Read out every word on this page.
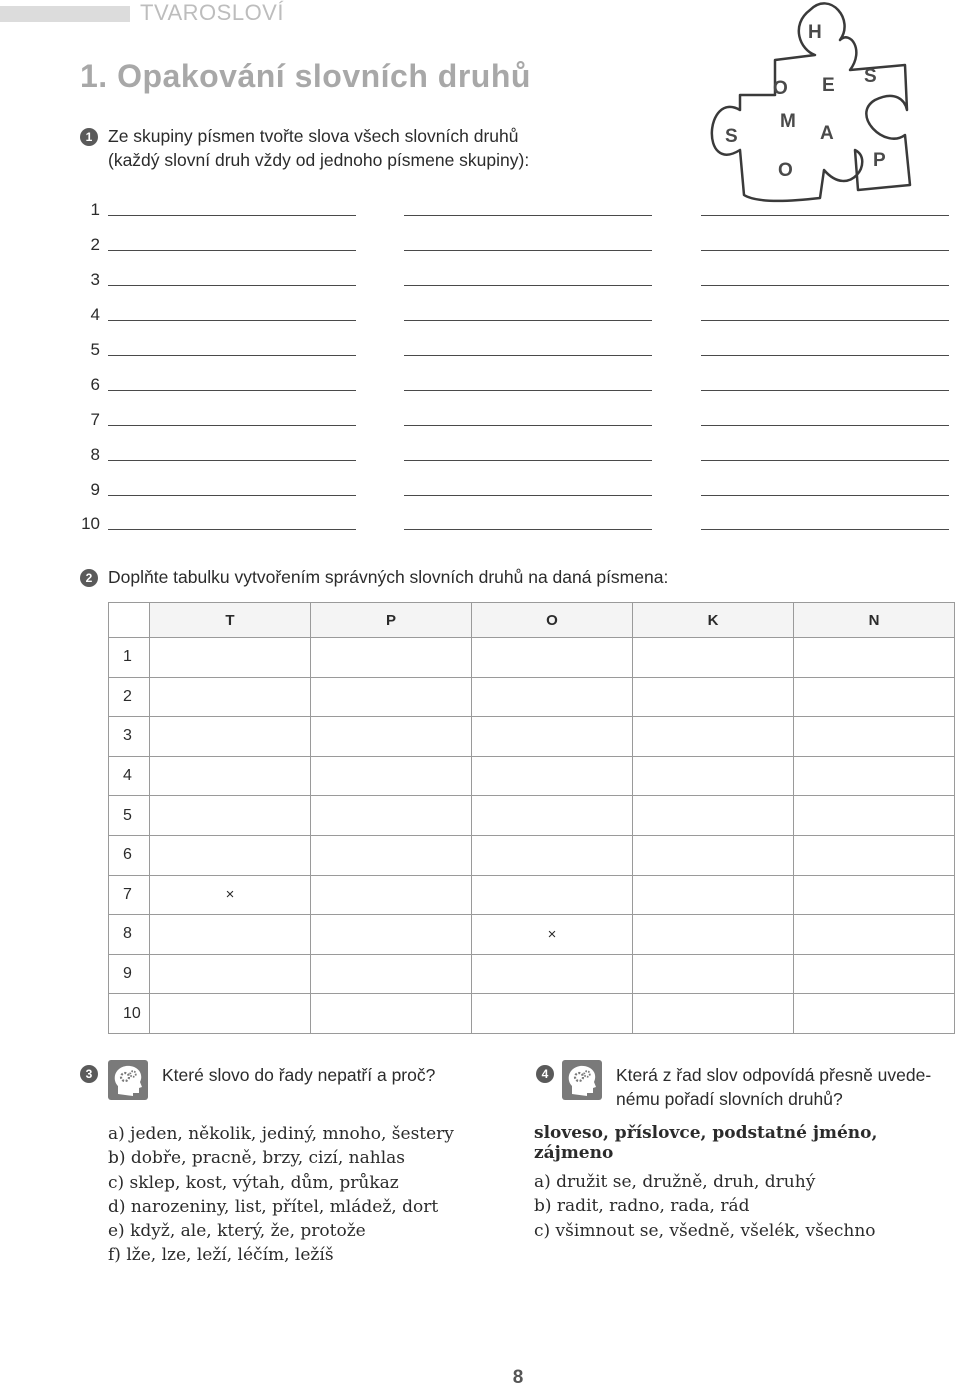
TVAROSLOVÍ
1. Opakování slovních druhů
1 Ze skupiny písmen tvořte slova všech slovních druhů
(každý slovní druh vždy od jednoho písmene skupiny):
H
O E S
M
A
S
O	P
1
2
3
4
5
6
7
8
9
10
2 Doplňte tabulku vytvořením správných slovních druhů na daná písmena:
	T	P	O	K	N
1					
2					
3					
4					
5					
6					
7	×				
8			×		
9					
10					
3	Které slovo do řady nepatří a proč?
a) jeden, několik, jediný, mnoho, šestery
b) dobře, pracně, brzy, cizí, nahlas
c) sklep, kost, výtah, dům, průkaz
d) narozeniny, list, přítel, mládež, dort
e) když, ale, který, že, protože
f) lže, lze, leží, léčím, ležíš
4	Která z řad slov odpovídá přesně uvede-
nému pořadí slovních druhů?
sloveso, příslovce, podstatné jméno, zájmeno
a) družit se, družně, druh, druhý
b) radit, radno, rada, rád
c) všimnout se, všedně, všelék, všechno
8
